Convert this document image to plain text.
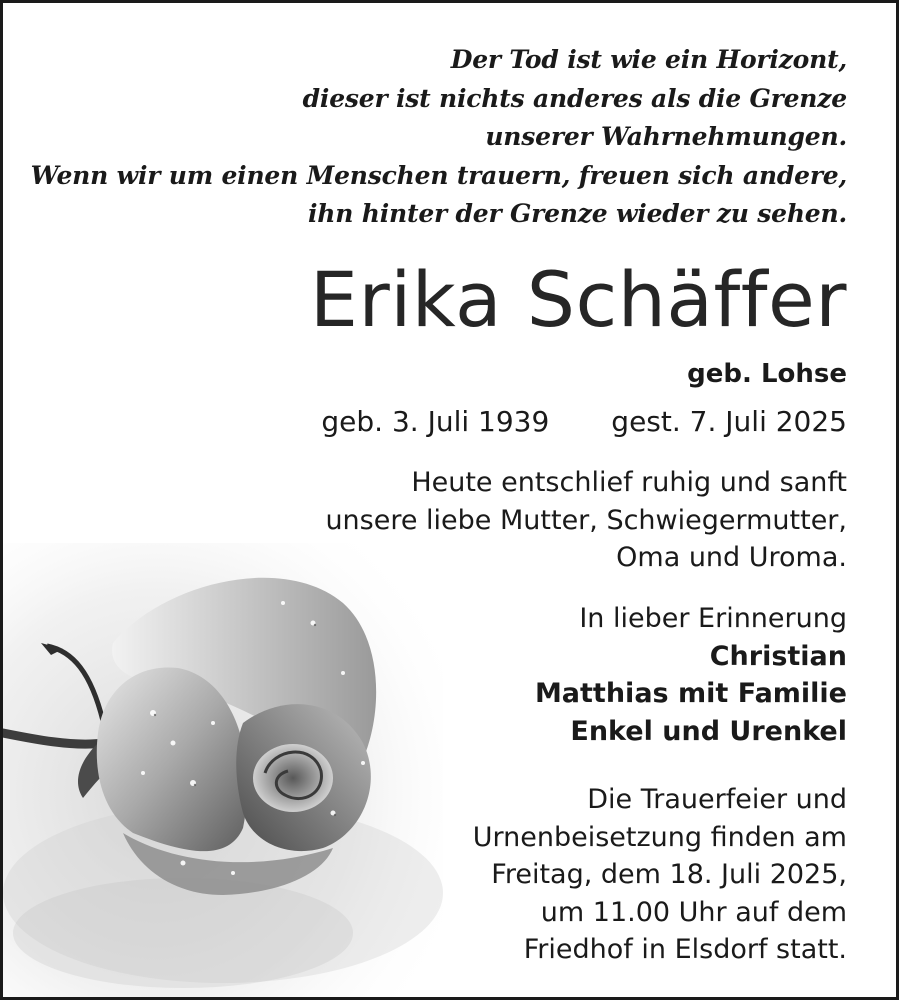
Der Tod ist wie ein Horizont,
dieser ist nichts anderes als die Grenze
unserer Wahrnehmungen.
Wenn wir um einen Menschen trauern, freuen sich andere,
ihn hinter der Grenze wieder zu sehen.
Erika Schäffer
geb. Lohse
geb. 3. Juli 1939 gest. 7. Juli 2025
Heute entschlief ruhig und sanft
unsere liebe Mutter, Schwiegermutter,
Oma und Uroma.
In lieber Erinnerung
Christian
Matthias mit Familie
Enkel und Urenkel
Die Trauerfeier und
Urnenbeisetzung finden am
Freitag, dem 18. Juli 2025,
um 11.00 Uhr auf dem
Friedhof in Elsdorf statt.
